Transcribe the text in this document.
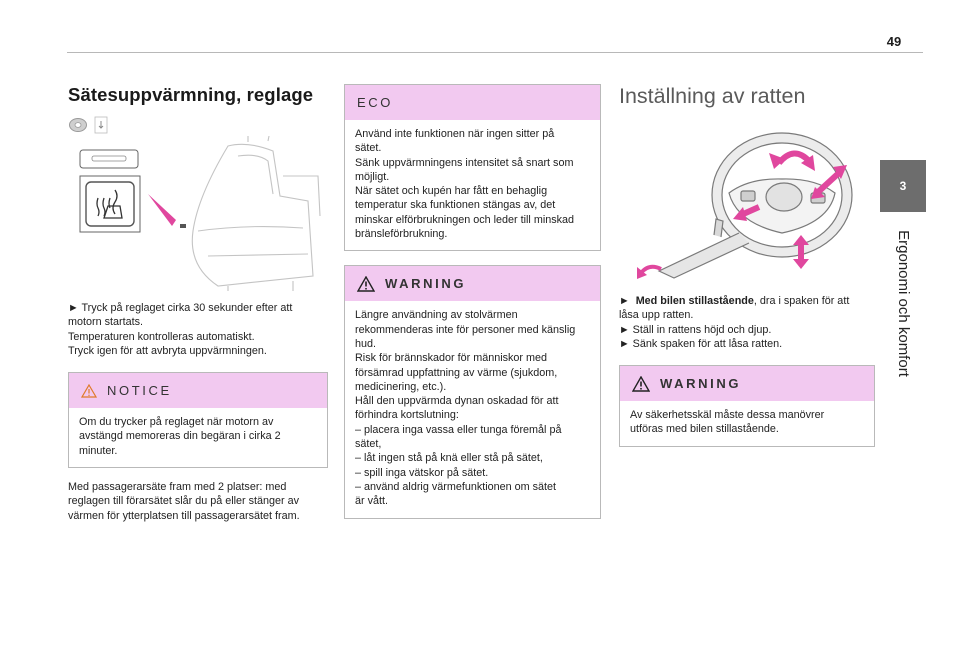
49
3
Ergonomi och komfort
Sätesuppvärmning, reglage

► Tryck på reglaget cirka 30 sekunder efter att

motorn startats.

Temperaturen kontrolleras automatiskt.

Tryck igen för att avbryta uppvärmningen.

NOTICE

Om du trycker på reglaget när motorn av

avstängd memoreras din begäran i cirka 2

minuter.

Med passagerarsäte fram med 2 platser: med

reglagen till förarsätet slår du på eller stänger av

värmen för ytterplatsen till passagerarsätet fram.

ECO

Använd inte funktionen när ingen sitter på

sätet.

Sänk uppvärmningens intensitet så snart som

möjligt.

När sätet och kupén har fått en behaglig

temperatur ska funktionen stängas av, det

minskar elförbrukningen och leder till minskad

bränsleförbrukning.

WARNING

Längre användning av stolvärmen

rekommenderas inte för personer med känslig

hud.

Risk för brännskador för människor med

försämrad uppfattning av värme (sjukdom,

medicinering, etc.).

Håll den uppvärmda dynan oskadad för att

förhindra kortslutning:

– placera inga vassa eller tunga föremål på

sätet,

– låt ingen stå på knä eller stå på sätet,

– spill inga vätskor på sätet.

– använd aldrig värmefunktionen om sätet

är vått.

Inställning av ratten

►  Med bilen stillastående, dra i spaken för att

låsa upp ratten.

► Ställ in rattens höjd och djup.

► Sänk spaken för att låsa ratten.

WARNING

Av säkerhetsskäl måste dessa manövrer

utföras med bilen stillastående.
